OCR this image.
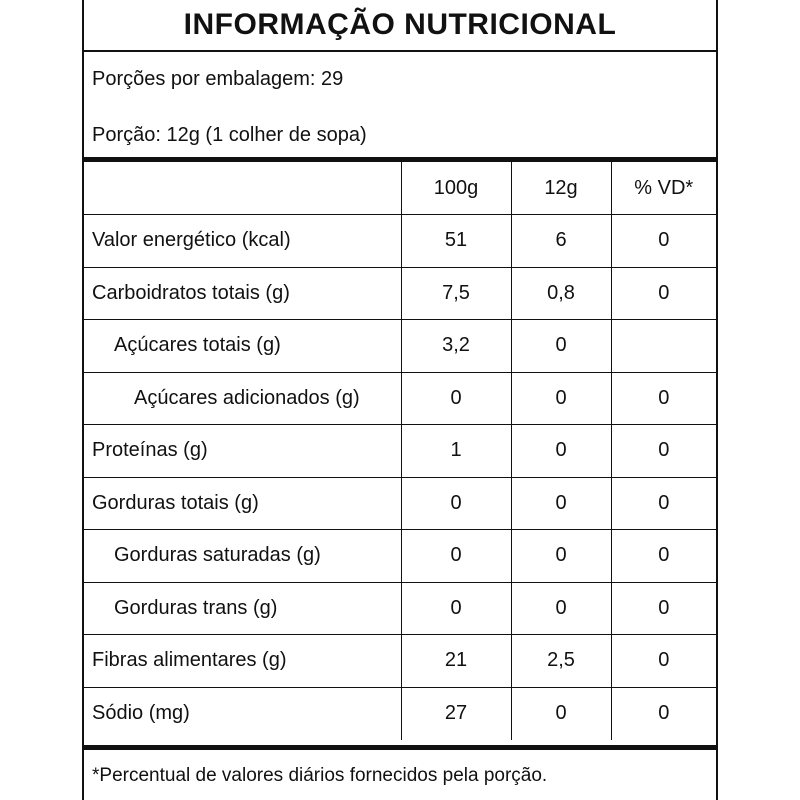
INFORMAÇÃO NUTRICIONAL
Porções por embalagem: 29
Porção: 12g (1 colher de sopa)
	100g	12g	% VD*
Valor energético (kcal)	51	6	0
Carboidratos totais (g)	7,5	0,8	0
Açúcares totais (g)	3,2	0	
Açúcares adicionados (g)	0	0	0
Proteínas (g)	1	0	0
Gorduras totais (g)	0	0	0
Gorduras saturadas (g)	0	0	0
Gorduras trans (g)	0	0	0
Fibras alimentares (g)	21	2,5	0
Sódio (mg)	27	0	0
*Percentual de valores diários fornecidos pela porção.
